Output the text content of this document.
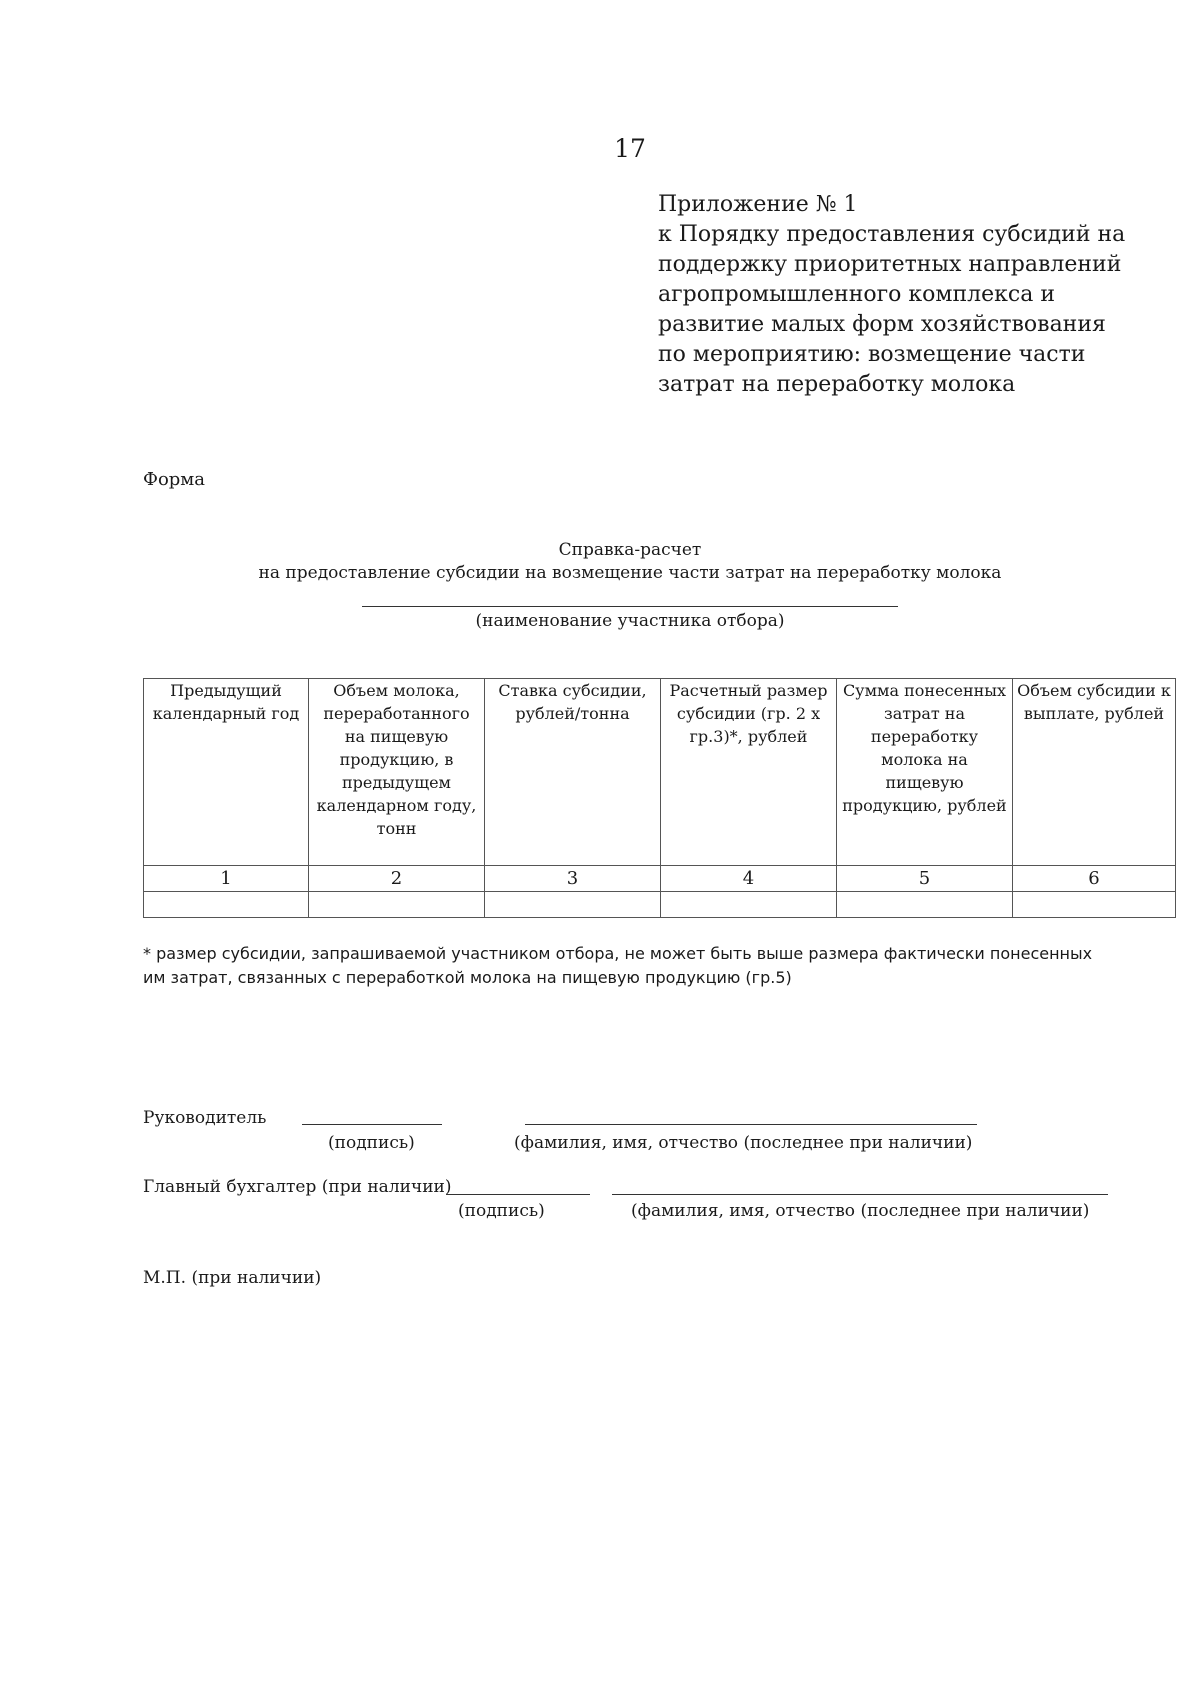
17
Приложение № 1
к Порядку предоставления субсидий на
поддержку приоритетных направлений
агропромышленного комплекса и
развитие малых форм хозяйствования
по мероприятию: возмещение части
затрат на переработку молока
Форма
Справка-расчет
на предоставление субсидии на возмещение части затрат на переработку молока
(наименование участника отбора)
Предыдущий календарный год	Объем молока, переработанного на пищевую продукцию, в предыдущем календарном году, тонн	Ставка субсидии, рублей/тонна	Расчетный размер субсидии (гр. 2 x гр.3)*, рублей	Сумма понесенных затрат на переработку молока на пищевую продукцию, рублей	Объем субсидии к выплате, рублей
1	2	3	4	5	6

* размер субсидии, запрашиваемой участником отбора, не может быть выше размера фактически понесенных
им затрат, связанных с переработкой молока на пищевую продукцию (гр.5)
Руководитель
(подпись)	(фамилия, имя, отчество (последнее при наличии)
Главный бухгалтер (при наличии)
(подпись)	(фамилия, имя, отчество (последнее при наличии)
М.П. (при наличии)
